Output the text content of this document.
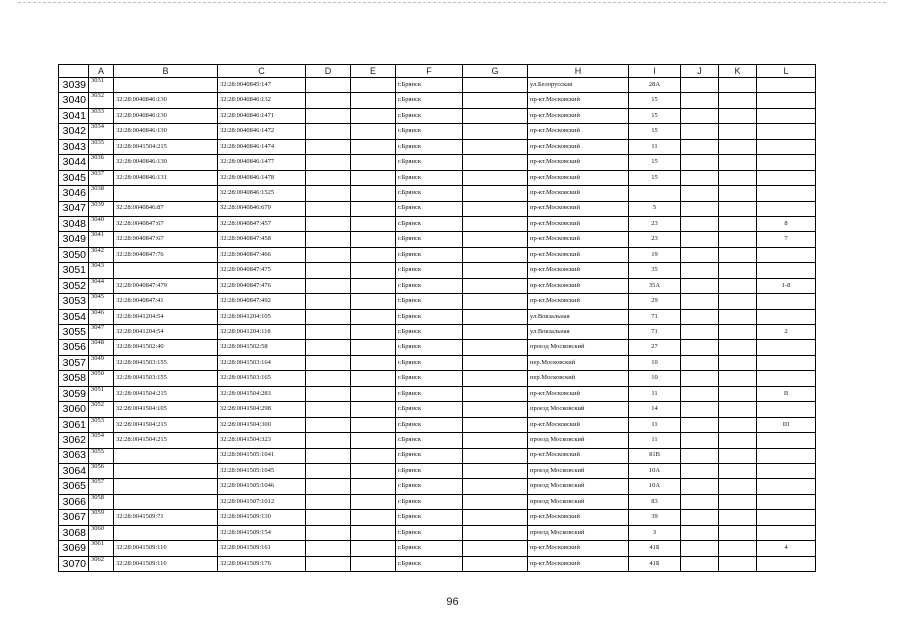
	A	B	C	D	E	F	G	H	I	J	K	L
3039	3031		32:28:0040845:147			г.Брянск		ул.Белорусская	28А			
3040	3032	32:28:0040846:130	32:28:0040846:132			г.Брянск		пр-кт.Московский	15			
3041	3033	32:28:0040846:130	32:28:0040846:1471			г.Брянск		пр-кт.Московский	15			
3042	3034	32:28:0040846:130	32:28:0040846:1472			г.Брянск		пр-кт.Московский	15			
3043	3035	32:28:0041504:215	32:28:0040846:1474			г.Брянск		пр-кт.Московский	11			
3044	3036	32:28:0040846:130	32:28:0040846:1477			г.Брянск		пр-кт.Московский	15			
3045	3037	32:28:0040846:131	32:28:0040846:1478			г.Брянск		пр-кт.Московский	15			
3046	3038		32:28:0040846:1525			г.Брянск		пр-кт.Московский				
3047	3039	32:28:0040846:87	32:28:0040846:679			г.Брянск		пр-кт.Московский	5			
3048	3040	32:28:0040847:67	32:28:0040847:457			г.Брянск		пр-кт.Московский	23			8
3049	3041	32:28:0040847:67	32:28:0040847:458			г.Брянск		пр-кт.Московский	23			7
3050	3042	32:28:0040847:76	32:28:0040847:466			г.Брянск		пр-кт.Московский	19			
3051	3043		32:28:0040847:475			г.Брянск		пр-кт.Московский	35			
3052	3044	32:28:0040847:479	32:28:0040847:476			г.Брянск		пр-кт.Московский	35А			1-8
3053	3045	32:28:0040847:41	32:28:0040847:492			г.Брянск		пр-кт.Московский	29			
3054	3046	32:28:0041204:54	32:28:0041204:105			г.Брянск		ул.Вокзальная	71			
3055	3047	32:28:0041204:54	32:28:0041204:118			г.Брянск		ул.Вокзальная	71			2
3056	3048	32:28:0041502:40	32:28:0041502:58			г.Брянск		проезд Московский	27			
3057	3049	32:28:0041503:155	32:28:0041503:164			г.Брянск		пер.Московский	10			
3058	3050	32:28:0041503:155	32:28:0041503:165			г.Брянск		пер.Московский	10			
3059	3051	32:28:0041504:215	32:28:0041504:283			г.Брянск		пр-кт.Московский	11			II
3060	3052	32:28:0041504:105	32:28:0041504:298			г.Брянск		проезд Московский	14			
3061	3053	32:28:0041504:215	32:28:0041504:300			г.Брянск		пр-кт.Московский	11			III
3062	3054	32:28:0041504:215	32:28:0041504:323			г.Брянск		проезд Московский	11			
3063	3055		32:28:0041505:1041			г.Брянск		пр-кт.Московский	81В			
3064	3056		32:28:0041505:1045			г.Брянск		проезд Московский	10А			
3065	3057		32:28:0041505:1046			г.Брянск		проезд Московский	10А			
3066	3058		32:28:0041507:1012			г.Брянск		проезд Московский	83			
3067	3059	32:28:0041509:71	32:28:0041509:130			г.Брянск		пр-кт.Московский	39			
3068	3060		32:28:0041509:154			г.Брянск		проезд Московский	3			
3069	3061	32:28:0041509:110	32:28:0041509:161			г.Брянск		пр-кт.Московский	41Б			4
3070	3062	32:28:0041509:110	32:28:0041509:176			г.Брянск		пр-кт.Московский	41Б			
96
